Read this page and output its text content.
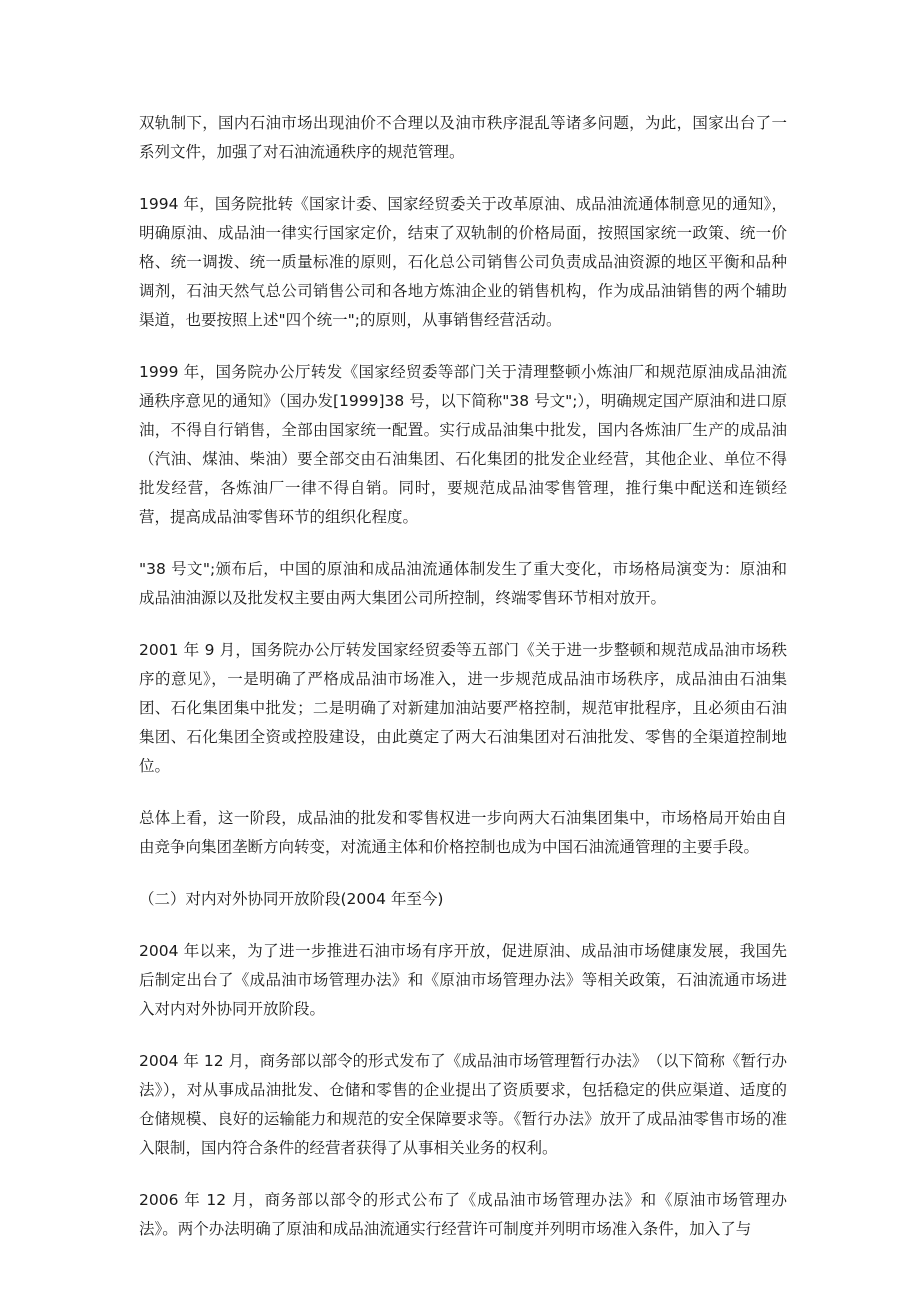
双轨制下，国内石油市场出现油价不合理以及油市秩序混乱等诸多问题，为此，国家出台了一系列文件，加强了对石油流通秩序的规范管理。

1994 年，国务院批转《国家计委、国家经贸委关于改革原油、成品油流通体制意见的通知》，明确原油、成品油一律实行国家定价，结束了双轨制的价格局面，按照国家统一政策、统一价格、统一调拨、统一质量标准的原则，石化总公司销售公司负责成品油资源的地区平衡和品种调剂，石油天然气总公司销售公司和各地方炼油企业的销售机构，作为成品油销售的两个辅助渠道，也要按照上述"四个统一";的原则，从事销售经营活动。

1999 年，国务院办公厅转发《国家经贸委等部门关于清理整顿小炼油厂和规范原油成品油流通秩序意见的通知》（国办发[1999]38 号，以下简称"38 号文";），明确规定国产原油和进口原油，不得自行销售，全部由国家统一配置。实行成品油集中批发，国内各炼油厂生产的成品油（汽油、煤油、柴油）要全部交由石油集团、石化集团的批发企业经营，其他企业、单位不得批发经营，各炼油厂一律不得自销。同时，要规范成品油零售管理，推行集中配送和连锁经营，提高成品油零售环节的组织化程度。

"38 号文";颁布后，中国的原油和成品油流通体制发生了重大变化，市场格局演变为：原油和成品油油源以及批发权主要由两大集团公司所控制，终端零售环节相对放开。

2001 年 9 月，国务院办公厅转发国家经贸委等五部门《关于进一步整顿和规范成品油市场秩序的意见》，一是明确了严格成品油市场准入，进一步规范成品油市场秩序，成品油由石油集团、石化集团集中批发；二是明确了对新建加油站要严格控制，规范审批程序，且必须由石油集团、石化集团全资或控股建设，由此奠定了两大石油集团对石油批发、零售的全渠道控制地位。

总体上看，这一阶段，成品油的批发和零售权进一步向两大石油集团集中，市场格局开始由自由竞争向集团垄断方向转变，对流通主体和价格控制也成为中国石油流通管理的主要手段。

（二）对内对外协同开放阶段(2004 年至今)

2004 年以来，为了进一步推进石油市场有序开放，促进原油、成品油市场健康发展，我国先后制定出台了《成品油市场管理办法》和《原油市场管理办法》等相关政策，石油流通市场进入对内对外协同开放阶段。

2004 年 12 月，商务部以部令的形式发布了《成品油市场管理暂行办法》　（以下简称《暂行办法》），对从事成品油批发、仓储和零售的企业提出了资质要求，包括稳定的供应渠道、适度的仓储规模、良好的运输能力和规范的安全保障要求等。《暂行办法》放开了成品油零售市场的准入限制，国内符合条件的经营者获得了从事相关业务的权利。

2006 年 12 月，商务部以部令的形式公布了《成品油市场管理办法》和《原油市场管理办法》。两个办法明确了原油和成品油流通实行经营许可制度并列明市场准入条件，加入了与
